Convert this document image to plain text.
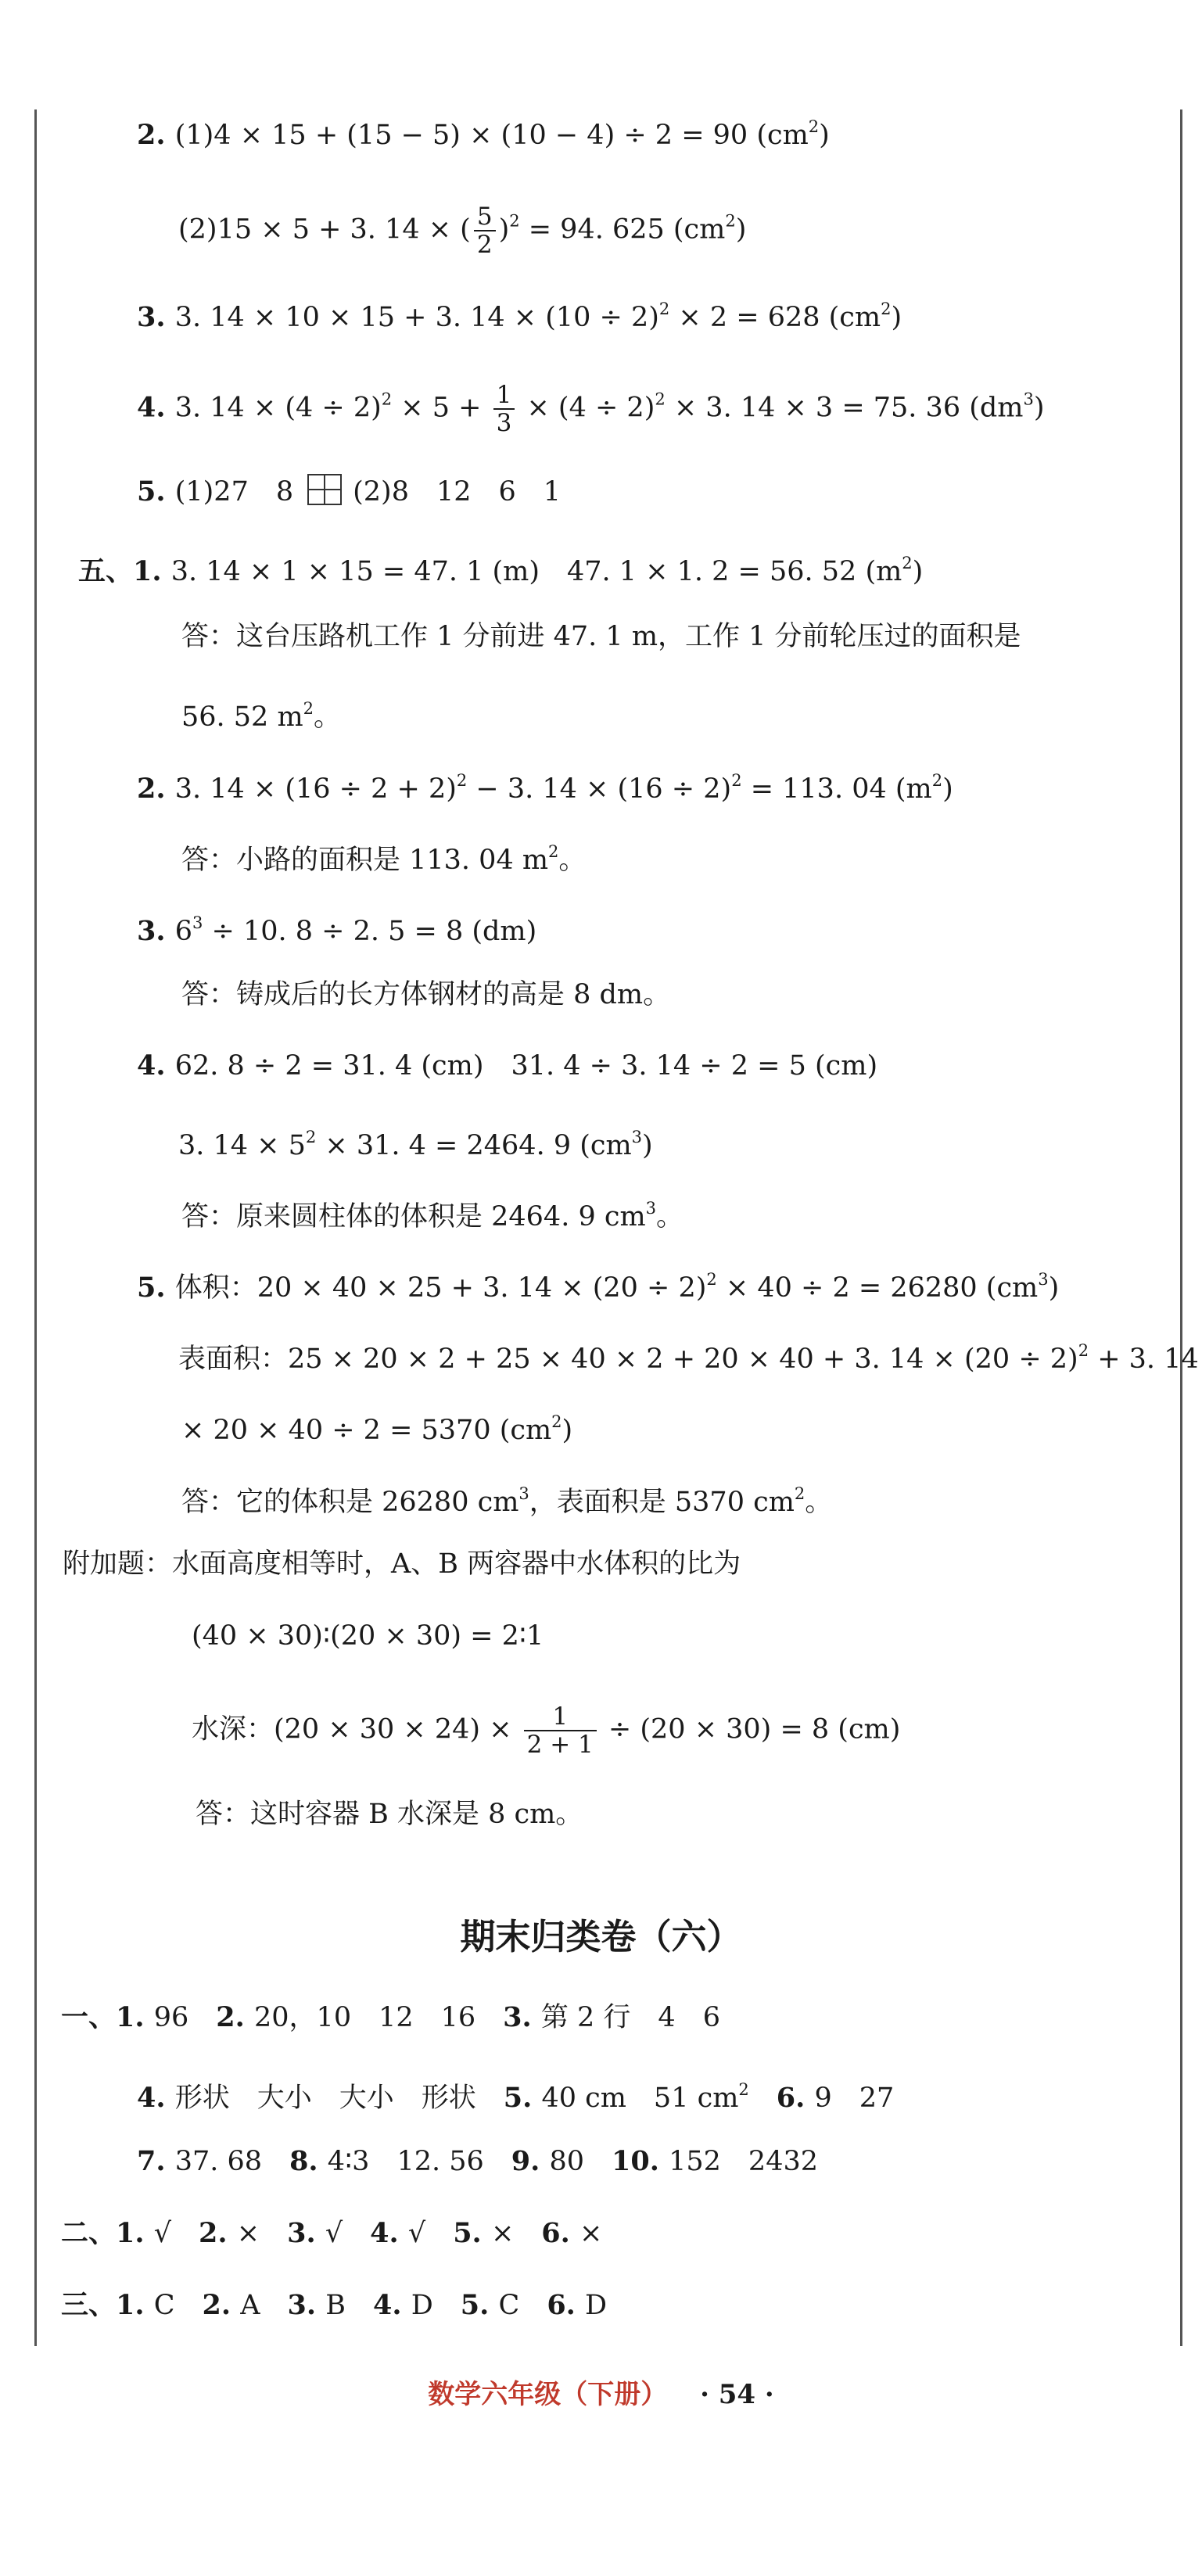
2. (1)4 × 15 + (15 − 5) × (10 − 4) ÷ 2 = 90 $(cm^2)$
(2)15 × 5 + 3. 14 × ( $\frac{5}{2} )^2 = 94$. 625 $(cm^2)$
3. 3. 14 × 10 × 15 + 3. $14 \times (10 \div 2)^2 \times 2 = 628$ $(cm^2)$
4. 3. $14 \times (4 \div 2)^2 \times 5 + \frac{1}{3} \times (4 \div 2)^2 \times 3$. 14 × 3 = 75. 36 $(dm^3)$
5. (1)27　8 (2)8　12　6　1
五、1. 3. 14 × 1 × 15 = 47. 1 (m)　47. 1 × 1. 2 = 56. 52 $(m^2)$
答：这台压路机工作 1 分前进 47. 1 m，工作 1 分前轮压过的面积是
56. 52 $m^2$。
2. 3. $14 \times (16 \div 2 + 2)^2 - 3$. $14 \times (16 \div 2)^2 = 113$. 04 $(m^2)$
答：小路的面积是 113. 04 $m^2$。
3. $6^3 \div 10$. 8 ÷ 2. 5 = 8 (dm)
答：铸成后的长方体钢材的高是 8 dm。
4. 62. 8 ÷ 2 = 31. 4 (cm)　31. 4 ÷ 3. 14 ÷ 2 = 5 (cm)
3. $14 \times 5^2 \times 31$. 4 = 2464. 9 $(cm^3)$
答：原来圆柱体的体积是 2464. 9 $cm^3$。
5. 体积：20 × 40 × 25 + 3. $14 \times (20 \div 2)^2 \times 40 \div 2 = 26280$ $(cm^3)$
表面积：25 × 20 × 2 + 25 × 40 × 2 + 20 × 40 + 3. $14 \times (20 \div 2)^2 + 3$. 14
× 20 × 40 ÷ 2 = 5370 $(cm^2)$
答：它的体积是 26280 $cm^3$，表面积是 5370 $cm^2$。
附加题：水面高度相等时，A、B 两容器中水体积的比为
(40 × 30)∶(20 × 30) = 2∶1
水深：$(20 \times 30 \times 24) \times \frac{1}{2 + 1} \div (20 \times 30) = 8$ (cm)
答：这时容器 B 水深是 8 cm。
一、1. 96　2. 20，10　12　16　3. 第 2 行　4　6
4. 形状　大小　大小　形状　5. 40 cm　51 $cm^2$　 6. 9　27
7. 37. 68　8. 4∶3　12. 56　9. 80　10. 152　2432
二、1. √　2. ×　3. √　4. √　5. ×　6. ×
三、1. C　2. A　3. B　4. D　5. C　6. D
期末归类卷（六）
数学六年级（下册） · 54 ·
